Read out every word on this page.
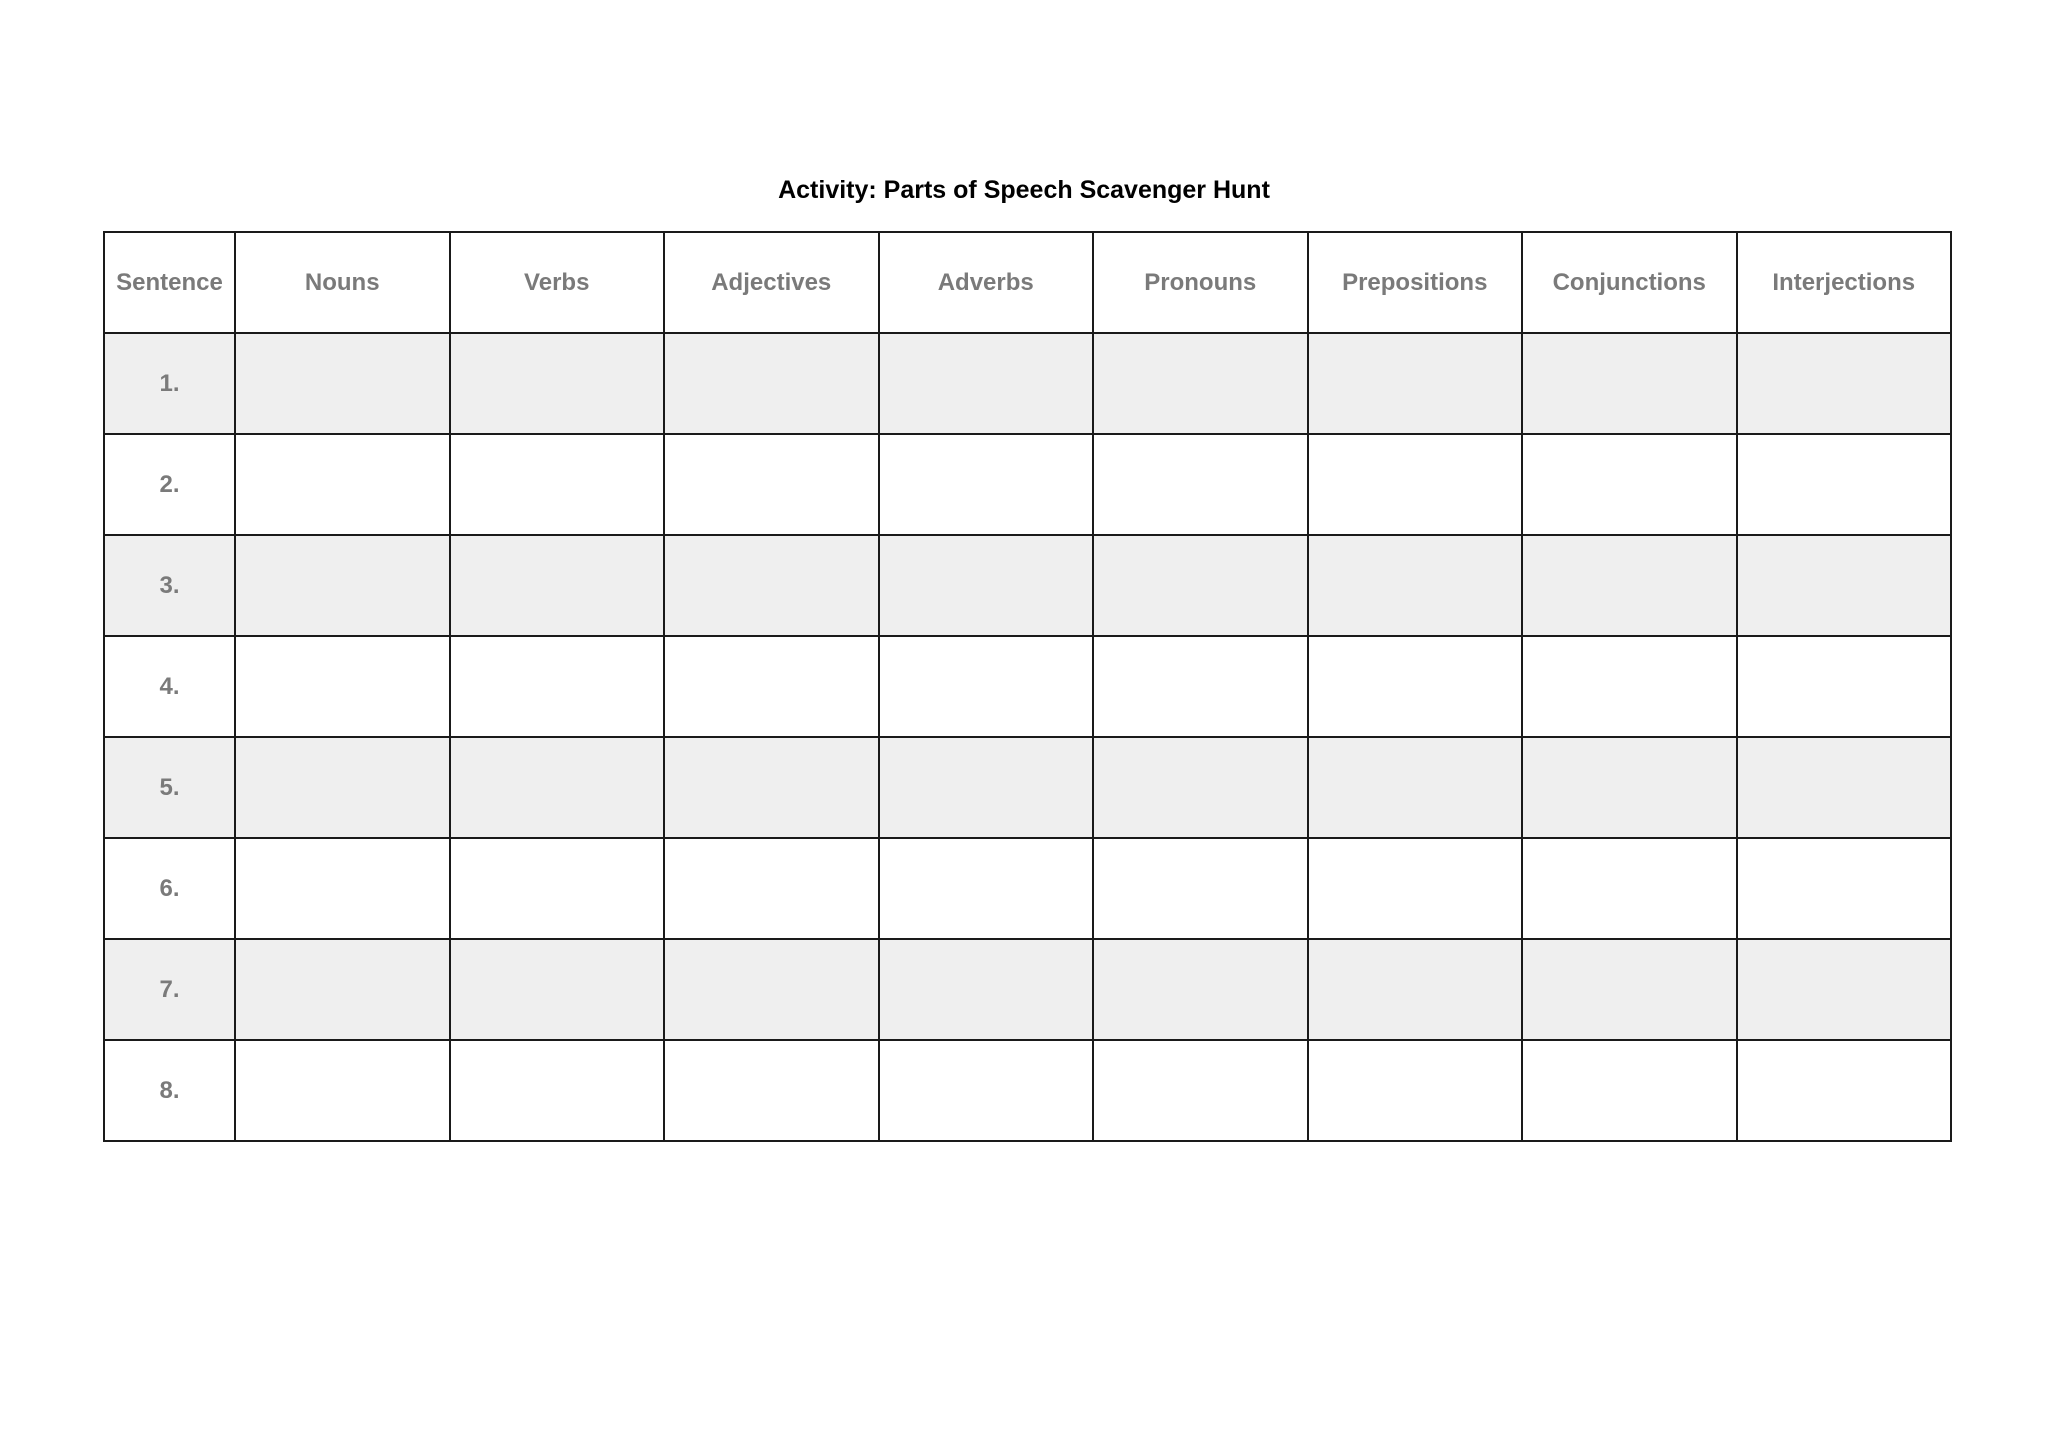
Activity: Parts of Speech Scavenger Hunt
Sentence	Nouns	Verbs	Adjectives	Adverbs	Pronouns	Prepositions	Conjunctions	Interjections
1.								
2.								
3.								
4.								
5.								
6.								
7.								
8.								
